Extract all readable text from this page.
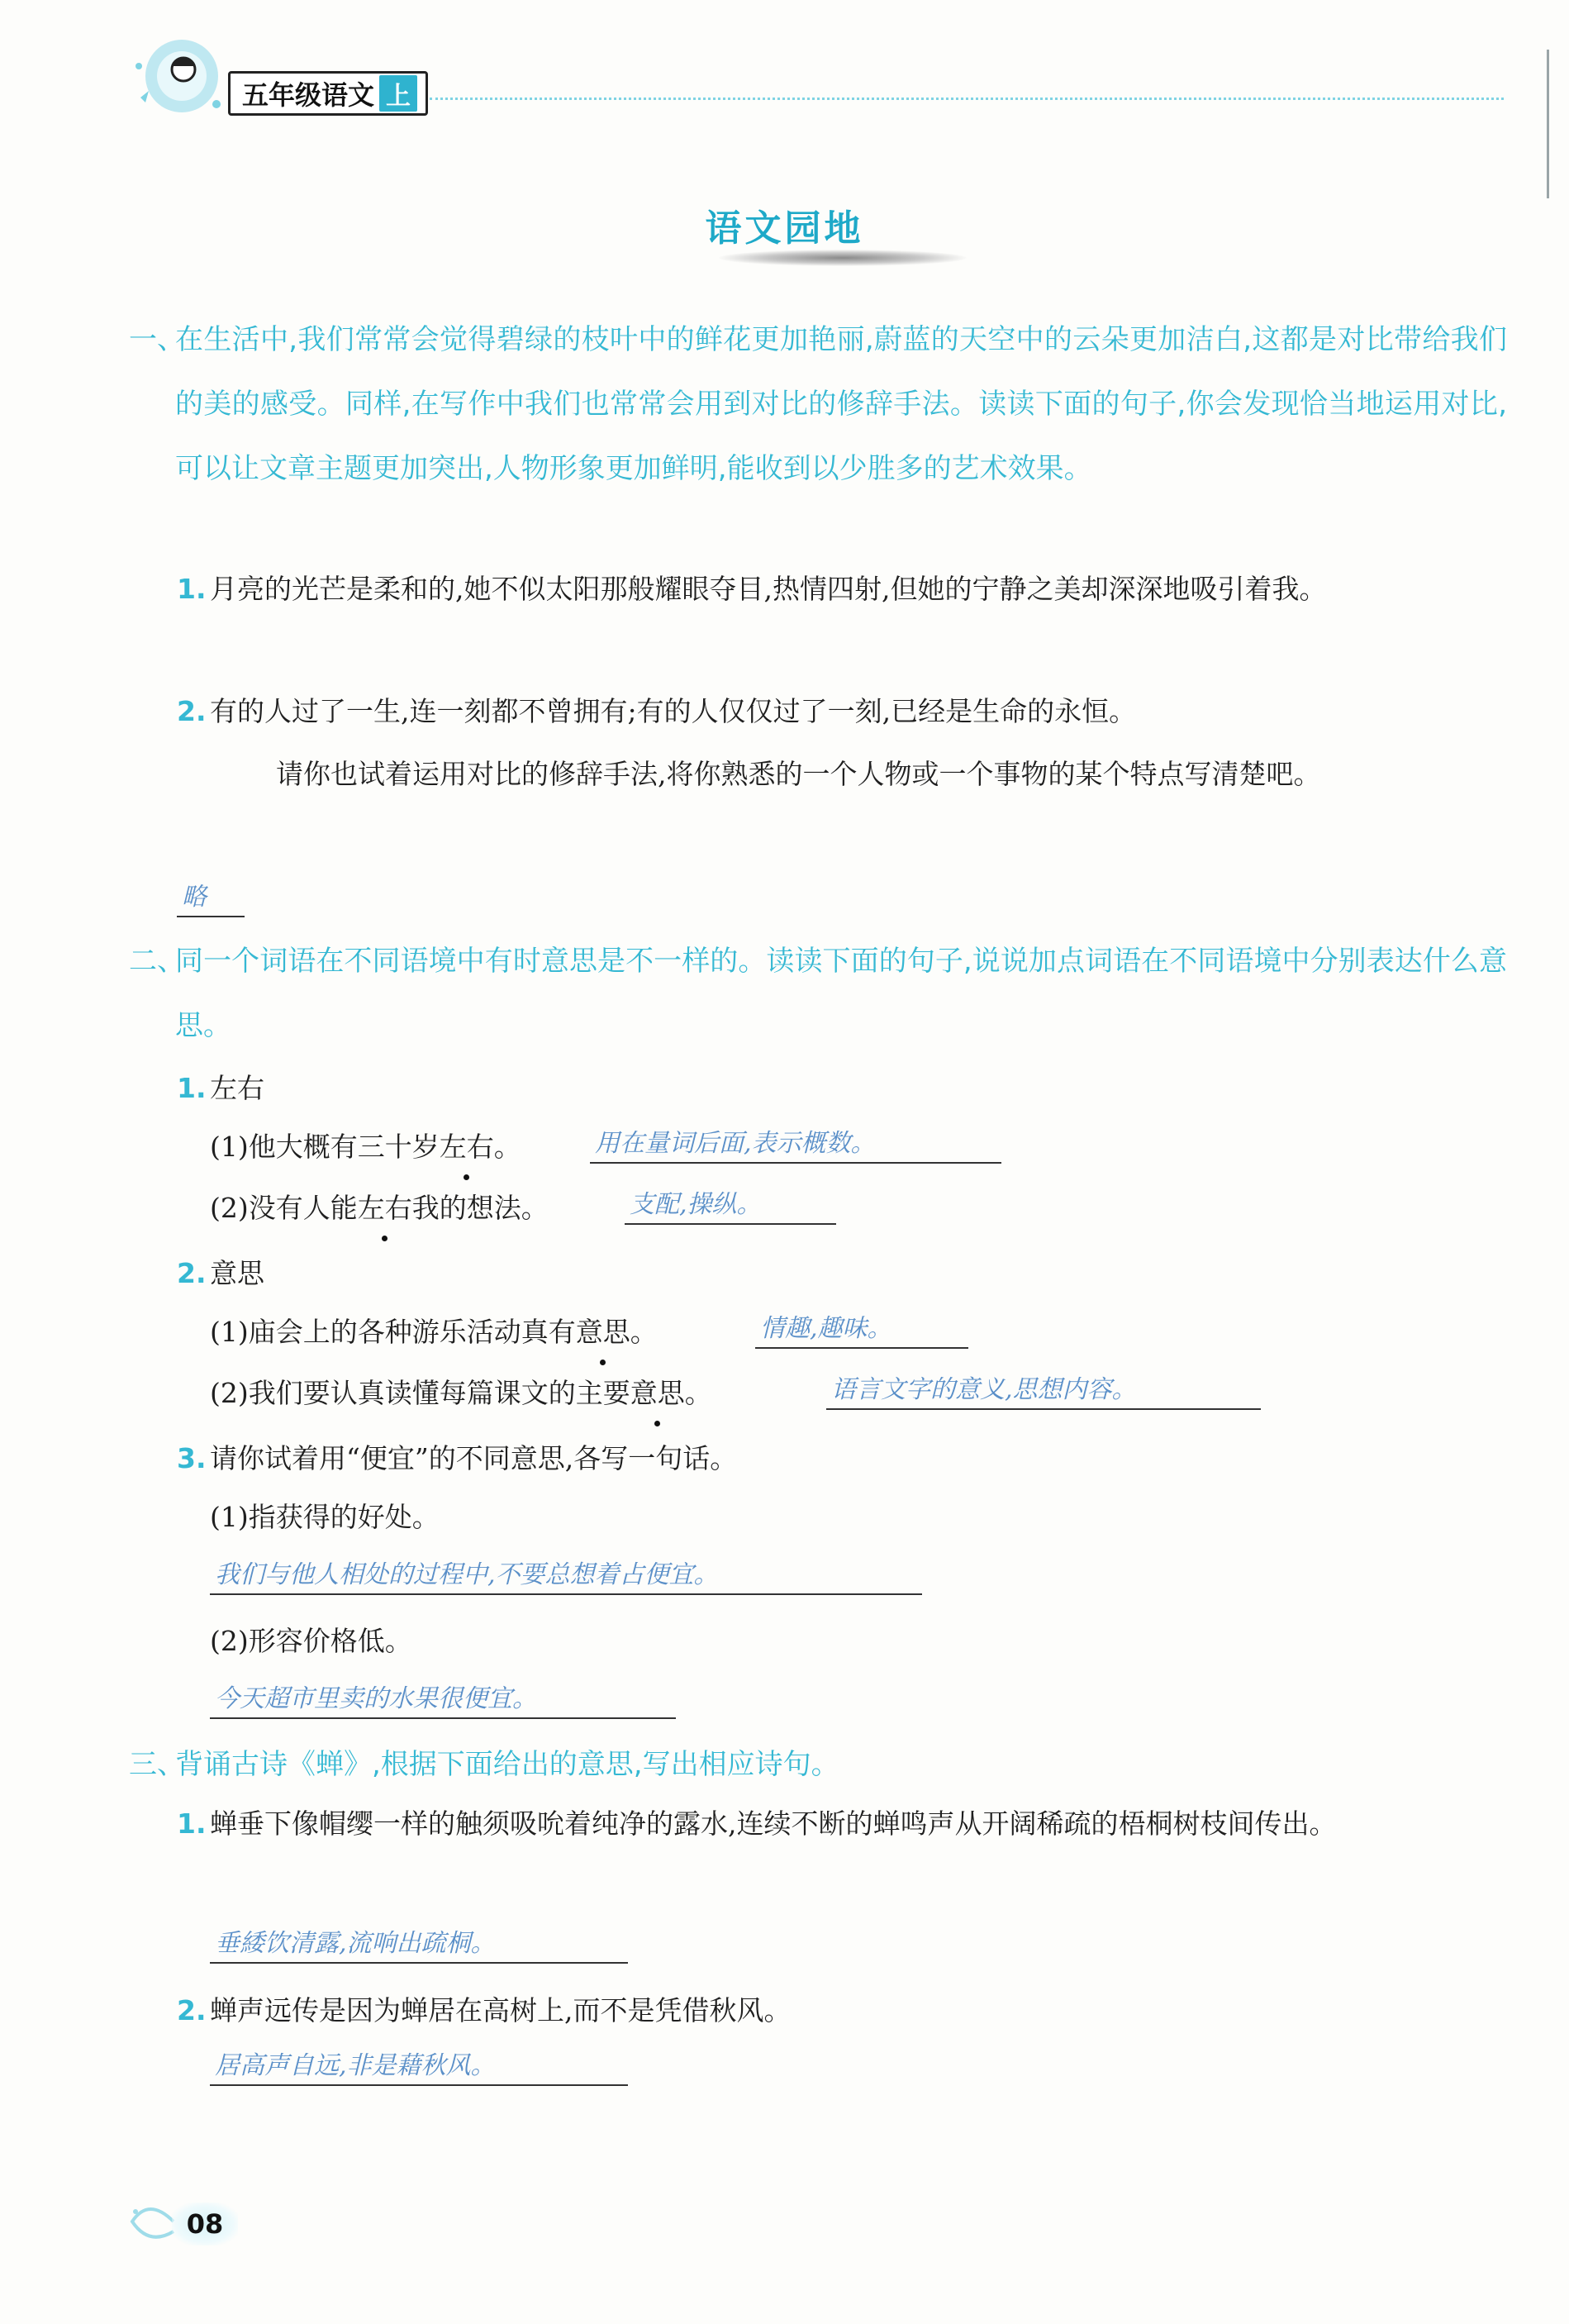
五年级语文 上
语文园地
一、
在生活中,我们常常会觉得碧绿的枝叶中的鲜花更加艳丽,蔚蓝的天空中的云朵更加洁白,这都是对比带给我们的美的感受。同样,在写作中我们也常常会用到对比的修辞手法。读读下面的句子,你会发现恰当地运用对比,可以让文章主题更加突出,人物形象更加鲜明,能收到以少胜多的艺术效果。
1. 月亮的光芒是柔和的,她不似太阳那般耀眼夺目,热情四射,但她的宁静之美却深深地吸引着我。
2. 有的人过了一生,连一刻都不曾拥有;有的人仅仅过了一刻,已经是生命的永恒。
请你也试着运用对比的修辞手法,将你熟悉的一个人物或一个事物的某个特点写清楚吧。
略
二、
同一个词语在不同语境中有时意思是不一样的。读读下面的句子,说说加点词语在不同语境中分别表达什么意思。
1. 左右
(1)他大概有三十岁左右。	用在量词后面,表示概数。
(2)没有人能左右我的想法。	支配,操纵。
2. 意思
(1)庙会上的各种游乐活动真有意思。	情趣,趣味。
(2)我们要认真读懂每篇课文的主要意思。	语言文字的意义,思想内容。
3. 请你试着用“便宜”的不同意思,各写一句话。
(1)指获得的好处。
我们与他人相处的过程中,不要总想着占便宜。
(2)形容价格低。
今天超市里卖的水果很便宜。
三、
背诵古诗《蝉》,根据下面给出的意思,写出相应诗句。
1. 蝉垂下像帽缨一样的触须吸吮着纯净的露水,连续不断的蝉鸣声从开阔稀疏的梧桐树枝间传出。
垂緌饮清露,流响出疏桐。
2. 蝉声远传是因为蝉居在高树上,而不是凭借秋风。
居高声自远,非是藉秋风。
08
